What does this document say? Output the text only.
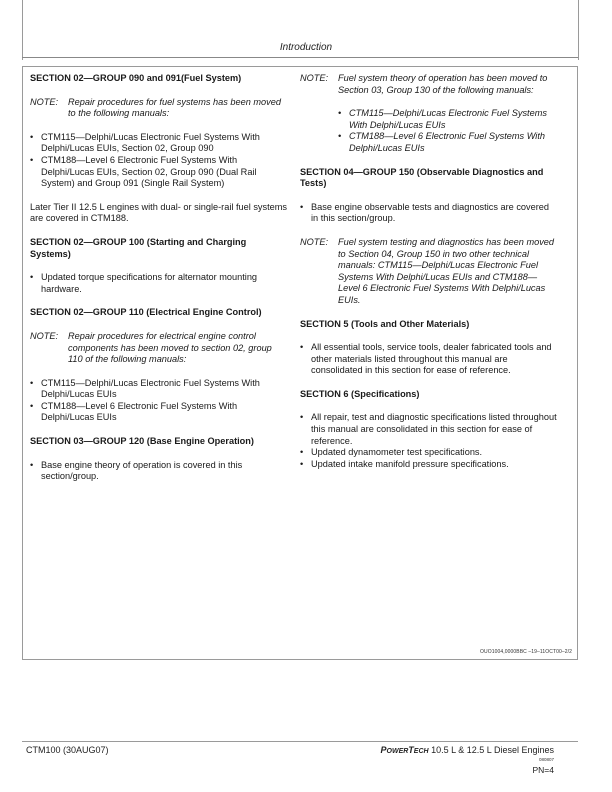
Introduction
SECTION 02—GROUP 090 and 091(Fuel System)
NOTE:	Repair procedures for fuel systems has been moved to the following manuals:
• CTM115—Delphi/Lucas Electronic Fuel Systems With Delphi/Lucas EUIs, Section 02, Group 090
• CTM188—Level 6 Electronic Fuel Systems With Delphi/Lucas EUIs, Section 02, Group 090 (Dual Rail System) and Group 091 (Single Rail System)
Later Tier II 12.5 L engines with dual- or single-rail fuel systems are covered in CTM188.
SECTION 02—GROUP 100 (Starting and Charging Systems)
• Updated torque specifications for alternator mounting hardware.
SECTION 02—GROUP 110 (Electrical Engine Control)
NOTE:	Repair procedures for electrical engine control components has been moved to section 02, group 110 of the following manuals:
• CTM115—Delphi/Lucas Electronic Fuel Systems With Delphi/Lucas EUIs
• CTM188—Level 6 Electronic Fuel Systems With Delphi/Lucas EUIs
SECTION 03—GROUP 120 (Base Engine Operation)
• Base engine theory of operation is covered in this section/group.
NOTE:	Fuel system theory of operation has been moved to Section 03, Group 130 of the following manuals:
• CTM115—Delphi/Lucas Electronic Fuel Systems With Delphi/Lucas EUIs
• CTM188—Level 6 Electronic Fuel Systems With Delphi/Lucas EUIs
SECTION 04—GROUP 150 (Observable Diagnostics and Tests)
• Base engine observable tests and diagnostics are covered in this section/group.
NOTE:	Fuel system testing and diagnostics has been moved to Section 04, Group 150 in two other technical manuals: CTM115—Delphi/Lucas Electronic Fuel Systems With Delphi/Lucas EUIs and CTM188—Level 6 Electronic Fuel Systems With Delphi/Lucas EUIs.
SECTION 5 (Tools and Other Materials)
• All essential tools, service tools, dealer fabricated tools and other materials listed throughout this manual are consolidated in this section for ease of reference.
SECTION 6 (Specifications)
• All repair, test and diagnostic specifications listed throughout this manual are consolidated in this section for ease of reference.
• Updated dynamometer test specifications.
• Updated intake manifold pressure specifications.
OUO1004,0000BBC –19–11OCT00–2/2
CTM100 (30AUG07)	POWERTECH 10.5 L & 12.5 L Diesel Engines
080807
PN=4
